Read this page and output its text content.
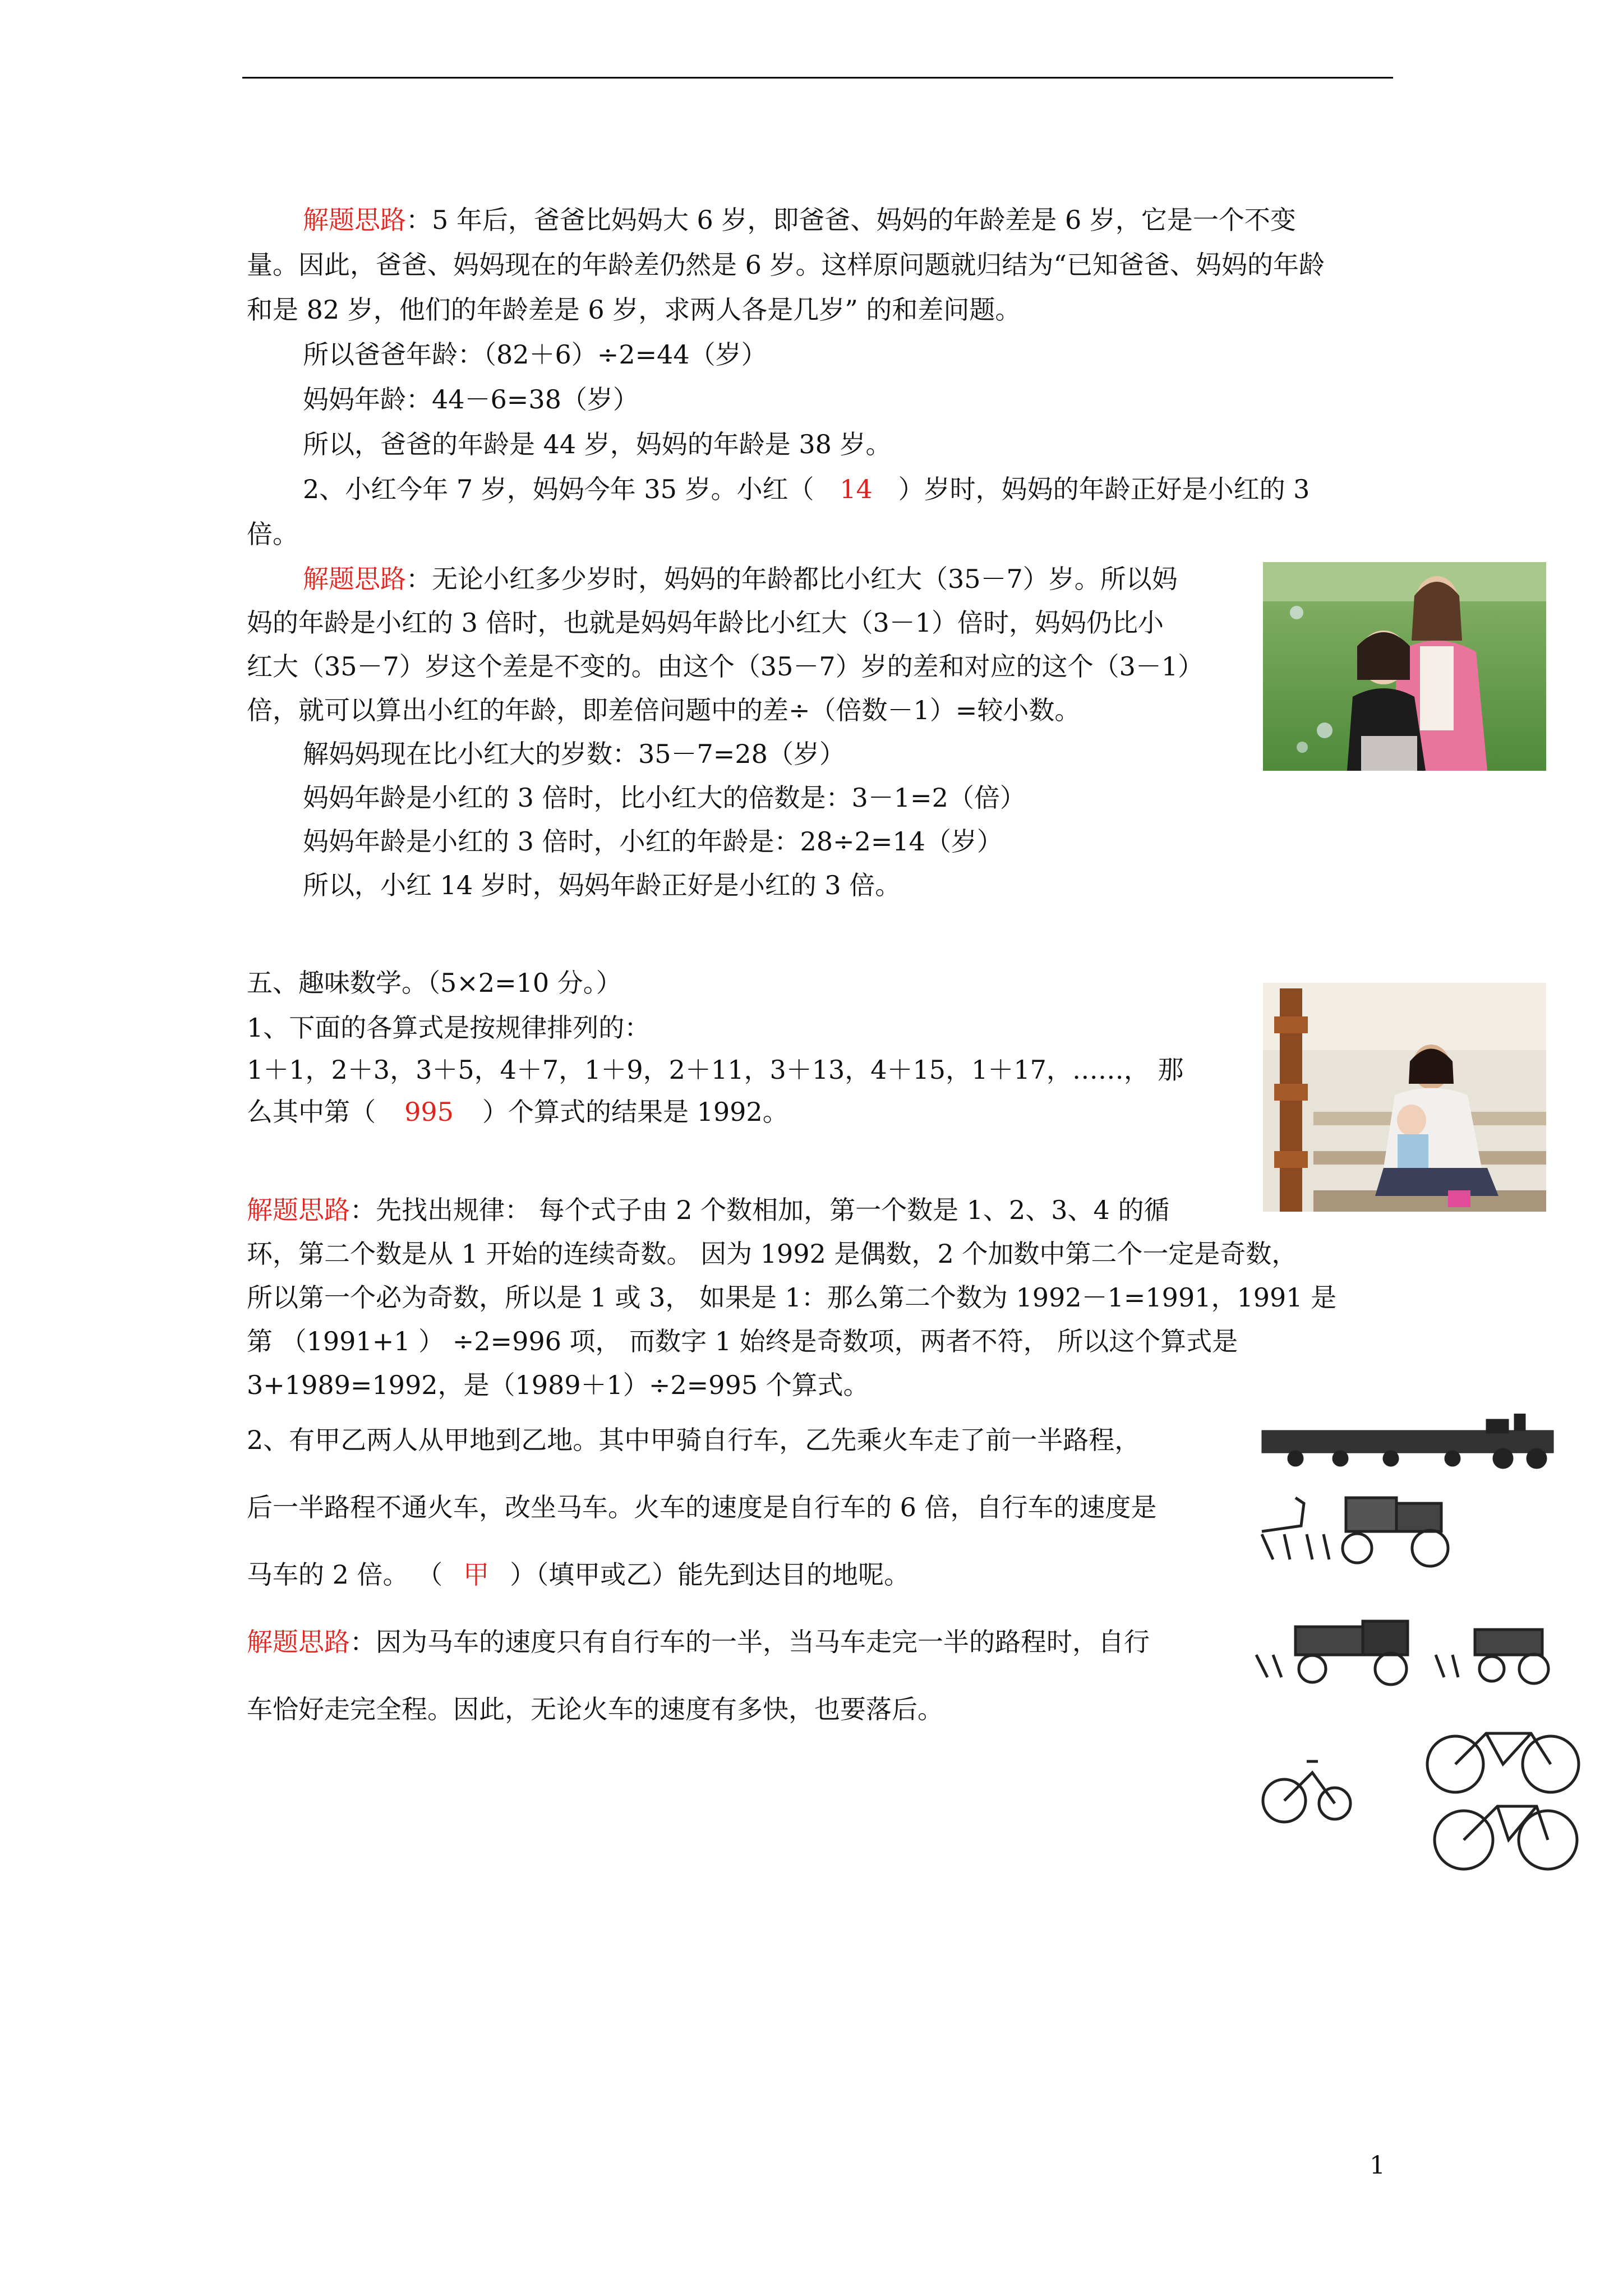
解题思路：5 年后，爸爸比妈妈大 6 岁，即爸爸、妈妈的年龄差是 6 岁，它是一个不变
量。因此，爸爸、妈妈现在的年龄差仍然是 6 岁。这样原问题就归结为“已知爸爸、妈妈的年龄
和是 82 岁，他们的年龄差是 6 岁，求两人各是几岁” 的和差问题。
所以爸爸年龄：（82＋6）÷2=44（岁）
妈妈年龄：44－6=38（岁）
所以，爸爸的年龄是 44 岁，妈妈的年龄是 38 岁。
2、小红今年 7 岁，妈妈今年 35 岁。小红（ 14 ）岁时，妈妈的年龄正好是小红的 3
倍。
解题思路：无论小红多少岁时，妈妈的年龄都比小红大（35－7）岁。所以妈
妈的年龄是小红的 3 倍时，也就是妈妈年龄比小红大（3－1）倍时，妈妈仍比小
红大（35－7）岁这个差是不变的。由这个（35－7）岁的差和对应的这个（3－1）
倍，就可以算出小红的年龄，即差倍问题中的差÷（倍数－1）=较小数。
解妈妈现在比小红大的岁数：35－7=28（岁）
妈妈年龄是小红的 3 倍时，比小红大的倍数是：3－1=2（倍）
妈妈年龄是小红的 3 倍时，小红的年龄是：28÷2=14（岁）
所以，小红 14 岁时，妈妈年龄正好是小红的 3 倍。
五、趣味数学。（5×2=10 分。）
1、下面的各算式是按规律排列的：
1＋1，2＋3，3＋5，4＋7，1＋9，2＋11，3＋13，4＋15，1＋17，……， 那
么其中第（ 995 ）个算式的结果是 1992。
解题思路：先找出规律： 每个式子由 2 个数相加，第一个数是 1、2、3、4 的循
环，第二个数是从 1 开始的连续奇数。 因为 1992 是偶数，2 个加数中第二个一定是奇数，
所以第一个必为奇数，所以是 1 或 3， 如果是 1：那么第二个数为 1992－1=1991，1991 是
第 （1991+1 ） ÷2=996 项， 而数字 1 始终是奇数项，两者不符， 所以这个算式是
3+1989=1992，是（1989＋1）÷2=995 个算式。
2、有甲乙两人从甲地到乙地。其中甲骑自行车，乙先乘火车走了前一半路程，
后一半路程不通火车，改坐马车。火车的速度是自行车的 6 倍，自行车的速度是
马车的 2 倍。 （ 甲 ）（填甲或乙）能先到达目的地呢。
解题思路：因为马车的速度只有自行车的一半，当马车走完一半的路程时，自行
车恰好走完全程。因此，无论火车的速度有多快，也要落后。
1
